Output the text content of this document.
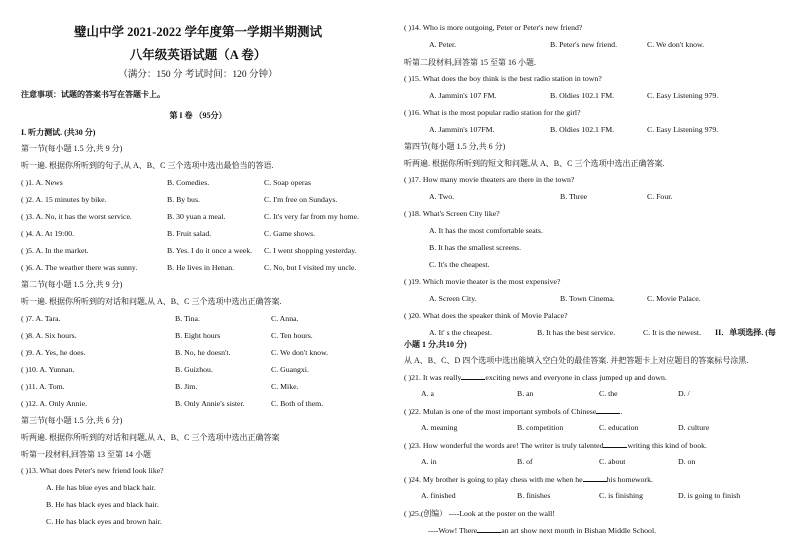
璧山中学 2021-2022 学年度第一学期半期测试
八年级英语试题（A 卷）
（满分：150 分 考试时间：120 分钟）
注意事项：试题的答案书写在答题卡上。
第 I 卷 （95分）
I. 听力测试. (共30 分)
第一节(每小题 1.5 分,共 9 分)
听一遍. 根据你所听到的句子,从 A、B、C 三个选项中选出最恰当的答语.
( )1. A. News	B. Comedies.	C. Soap operas
( )2. A. 15 minutes by bike.	B. By bus.	C. I'm free on Sundays.
( )3. A. No, it has the worst service.	B. 30 yuan a meal.	C. It's very far from my home.
( )4. A. At 19:00.	B. Fruit salad.	C. Game shows.
( )5. A. In the market.	B. Yes. I do it once a week. C. I went shopping yesterday.
( )6. A. The weather there was sunny.	B. He lives in Henan.	C. No, but I visited my uncle.
第二节(每小题 1.5 分,共 9 分)
听一遍. 根据你所听到的对话和问题,从 A、B、C 三个选项中选出正确答案.
( )7. A. Tara.	B. Tina.	C. Anna.
( )8. A. Six hours.	B. Eight hours	C. Ten hours.
( )9. A. Yes, he does.	B. No, he doesn't.	C. We don't know.
( )10. A. Yunnan.	B. Guizhou.	C. Guangxi.
( )11. A. Tom.	B. Jim.	C. Mike.
( )12. A. Only Annie.	B. Only Annie's sister.	C. Both of them.
第三节(每小题 1.5 分,共 6 分)
听两遍. 根据你所听到的对话和问题,从 A、B、C 三个选项中选出正确答案
听第一段材料,回答第 13 至第 14 小题
( )13. What does Peter's new friend look like?
A. He has blue eyes and black hair.
B. He has black eyes and black hair.
C. He has black eyes and brown hair.
( )14. Who is more outgoing, Peter or Peter's new friend?
A. Peter.	B. Peter's new friend.	C. We don't know.
听第二段材料,回答第 15 至第 16 小题.
( )15. What does the boy think is the best radio station in town?
A. Jammin's 107 FM.	B. Oldies 102.1 FM.	C. Easy Listening 979.
( )16. What is the most popular radio station for the girl?
A. Jammin's 107FM.	B. Oldies 102.1 FM.	C. Easy Listening 979.
第四节(每小题 1.5 分,共 6 分)
听两遍. 根据你所听到的短文和问题,从 A、B、C 三个选项中选出正确答案.
( )17. How many movie theaters are there in the town?
A. Two.	B. Three	C. Four.
( )18. What's Screen City like?
A. It has the most comfortable seats.
B. It has the smallest screens.
C. It's the cheapest.
( )19. Which movie theater is the most expensive?
A. Screen City.	B. Town Cinema.	C. Movie Palace.
( )20. What does the speaker think of Movie Palace?
A. It' s the cheapest.	B. It has the best service.	C. It is the newest. II．单项选择. (每
小题 1 分,共10 分)
从 A、B、C、D 四个选项中选出能填入空白处的最佳答案. 并把答题卡上对应题目的答案标号涂黑.
( )21. It was really	exciting news and everyone in class jumped up and down.
A. a	B. an	C. the	D. /
( )22. Mulan is one of the most important symbols of Chinese	.
A. meaning	B. competition	C. education	D. culture
( )23. How wonderful the words are! The writer is truly talented	writing this kind of book.
A. in	B. of	C. about	D. on
( )24. My brother is going to play chess with me when he	his homework.
A. finished	B. finishes	C. is finishing	D. is going to finish
( )25.(创编） ----Look at the poster on the wall!
----Wow! There	an art show next month in Bishan Middle School.
